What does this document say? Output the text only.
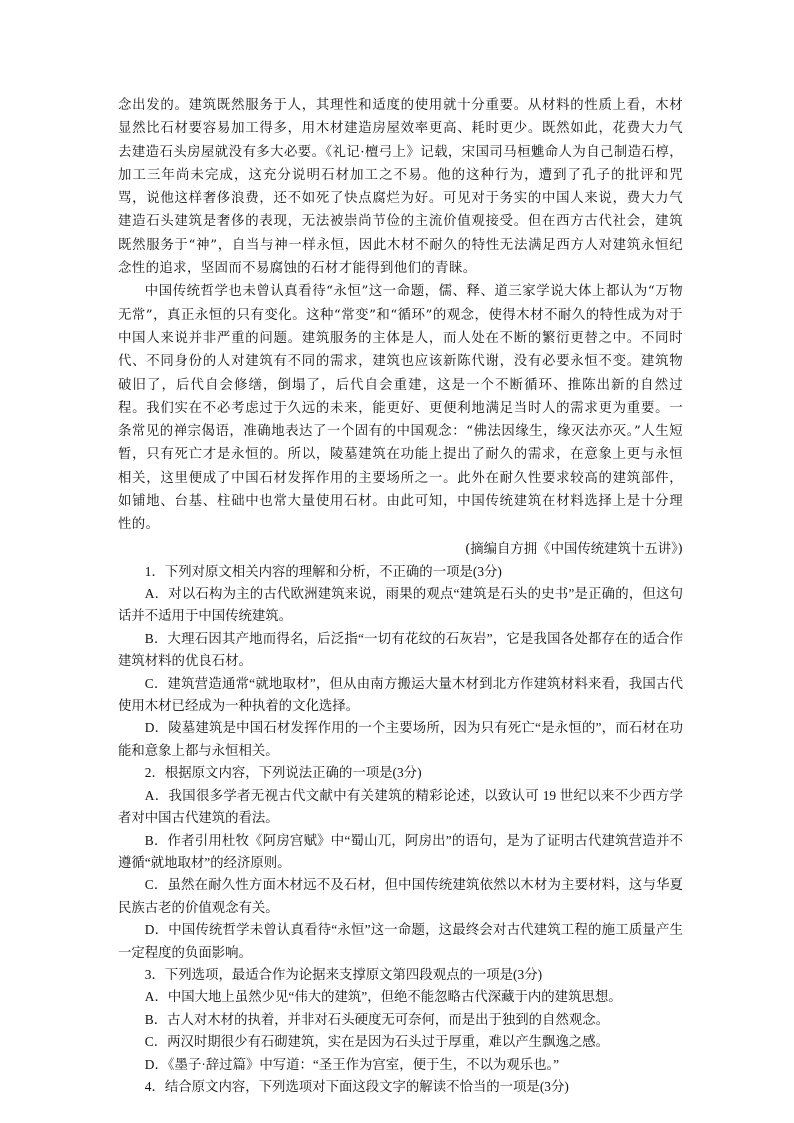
念出发的。建筑既然服务于人，其理性和适度的使用就十分重要。从材料的性质上看，木材显然比石材要容易加工得多，用木材建造房屋效率更高、耗时更少。既然如此，花费大力气去建造石头房屋就没有多大必要。《礼记·檀弓上》记载，宋国司马桓魋命人为自己制造石椁，加工三年尚未完成，这充分说明石材加工之不易。他的这种行为，遭到了孔子的批评和咒骂，说他这样奢侈浪费，还不如死了快点腐烂为好。可见对于务实的中国人来说，费大力气建造石头建筑是奢侈的表现，无法被崇尚节俭的主流价值观接受。但在西方古代社会，建筑既然服务于“神”，自当与神一样永恒，因此木材不耐久的特性无法满足西方人对建筑永恒纪念性的追求，坚固而不易腐蚀的石材才能得到他们的青睐。

中国传统哲学也未曾认真看待“永恒”这一命题，儒、释、道三家学说大体上都认为“万物无常”，真正永恒的只有变化。这种“常变”和“循环”的观念，使得木材不耐久的特性成为对于中国人来说并非严重的问题。建筑服务的主体是人，而人处在不断的繁衍更替之中。不同时代、不同身份的人对建筑有不同的需求，建筑也应该新陈代谢，没有必要永恒不变。建筑物破旧了，后代自会修缮，倒塌了，后代自会重建，这是一个不断循环、推陈出新的自然过程。我们实在不必考虑过于久远的未来，能更好、更便利地满足当时人的需求更为重要。一条常见的禅宗偈语，准确地表达了一个固有的中国观念：“佛法因缘生，缘灭法亦灭。”人生短暂，只有死亡才是永恒的。所以，陵墓建筑在功能上提出了耐久的需求，在意象上更与永恒相关，这里便成了中国石材发挥作用的主要场所之一。此外在耐久性要求较高的建筑部件，如铺地、台基、柱础中也常大量使用石材。由此可知，中国传统建筑在材料选择上是十分理性的。

(摘编自方拥《中国传统建筑十五讲》)

1．下列对原文相关内容的理解和分析，不正确的一项是(3分)

A．对以石构为主的古代欧洲建筑来说，雨果的观点“建筑是石头的史书”是正确的，但这句话并不适用于中国传统建筑。

B．大理石因其产地而得名，后泛指“一切有花纹的石灰岩”，它是我国各处都存在的适合作建筑材料的优良石材。

C．建筑营造通常“就地取材”，但从由南方搬运大量木材到北方作建筑材料来看，我国古代使用木材已经成为一种执着的文化选择。

D．陵墓建筑是中国石材发挥作用的一个主要场所，因为只有死亡“是永恒的”，而石材在功能和意象上都与永恒相关。

2．根据原文内容，下列说法正确的一项是(3分)

A．我国很多学者无视古代文献中有关建筑的精彩论述，以致认可 19 世纪以来不少西方学者对中国古代建筑的看法。

B．作者引用杜牧《阿房宫赋》中“蜀山兀，阿房出”的语句，是为了证明古代建筑营造并不遵循“就地取材”的经济原则。

C．虽然在耐久性方面木材远不及石材，但中国传统建筑依然以木材为主要材料，这与华夏民族古老的价值观念有关。

D．中国传统哲学未曾认真看待“永恒”这一命题，这最终会对古代建筑工程的施工质量产生一定程度的负面影响。

3．下列选项，最适合作为论据来支撑原文第四段观点的一项是(3分)

A．中国大地上虽然少见“伟大的建筑”，但绝不能忽略古代深藏于内的建筑思想。

B．古人对木材的执着，并非对石头硬度无可奈何，而是出于独到的自然观念。

C．两汉时期很少有石砌建筑，实在是因为石头过于厚重，难以产生飘逸之感。

D．《墨子·辞过篇》中写道：“圣王作为宫室，便于生，不以为观乐也。”

4．结合原文内容，下列选项对下面这段文字的解读不恰当的一项是(3分)
